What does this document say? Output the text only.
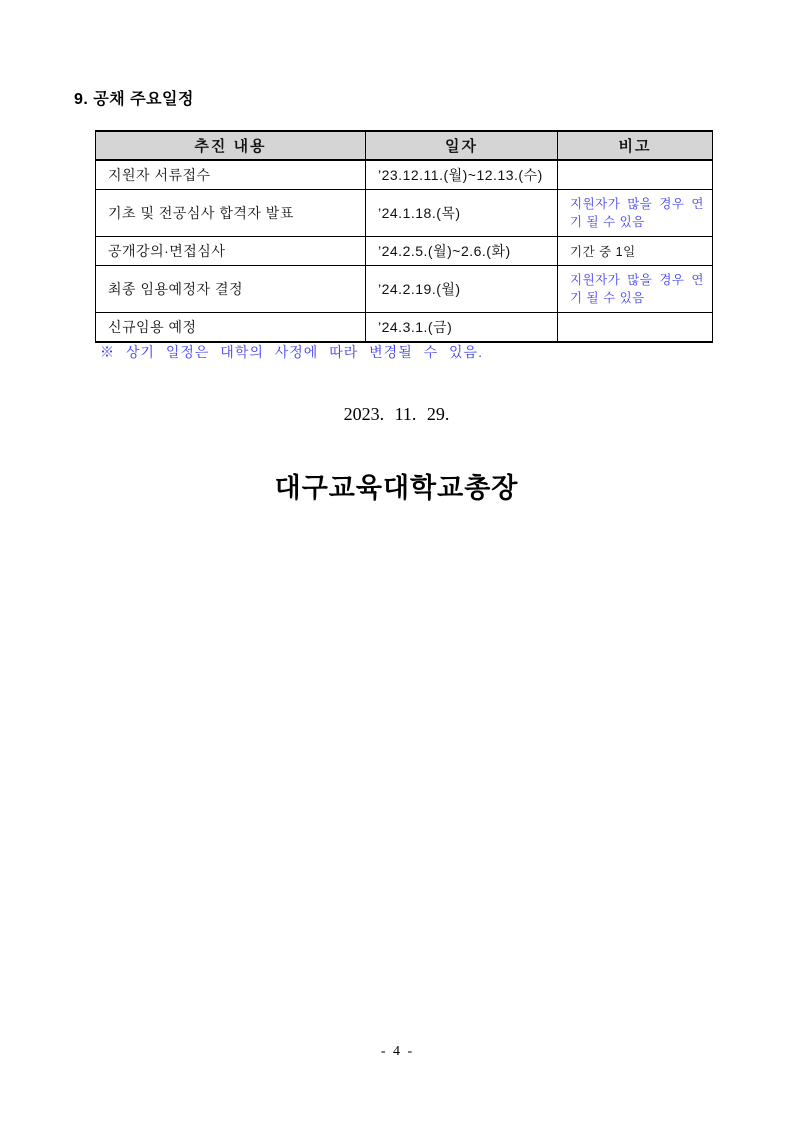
9. 공채 주요일정
추진 내용	일자	비고
지원자 서류접수	’23.12.11.(월)~12.13.(수)	
기초 및 전공심사 합격자 발표	’24.1.18.(목)	지원자가 많을 경우 연기 될 수 있음
공개강의·면접심사	’24.2.5.(월)~2.6.(화)	기간 중 1일
최종 임용예정자 결정	’24.2.19.(월)	지원자가 많을 경우 연기 될 수 있음
신규임용 예정	’24.3.1.(금)	

※ 상기 일정은 대학의 사정에 따라 변경될 수 있음.

2023. 11. 29.
대구교육대학교총장
- 4 -
